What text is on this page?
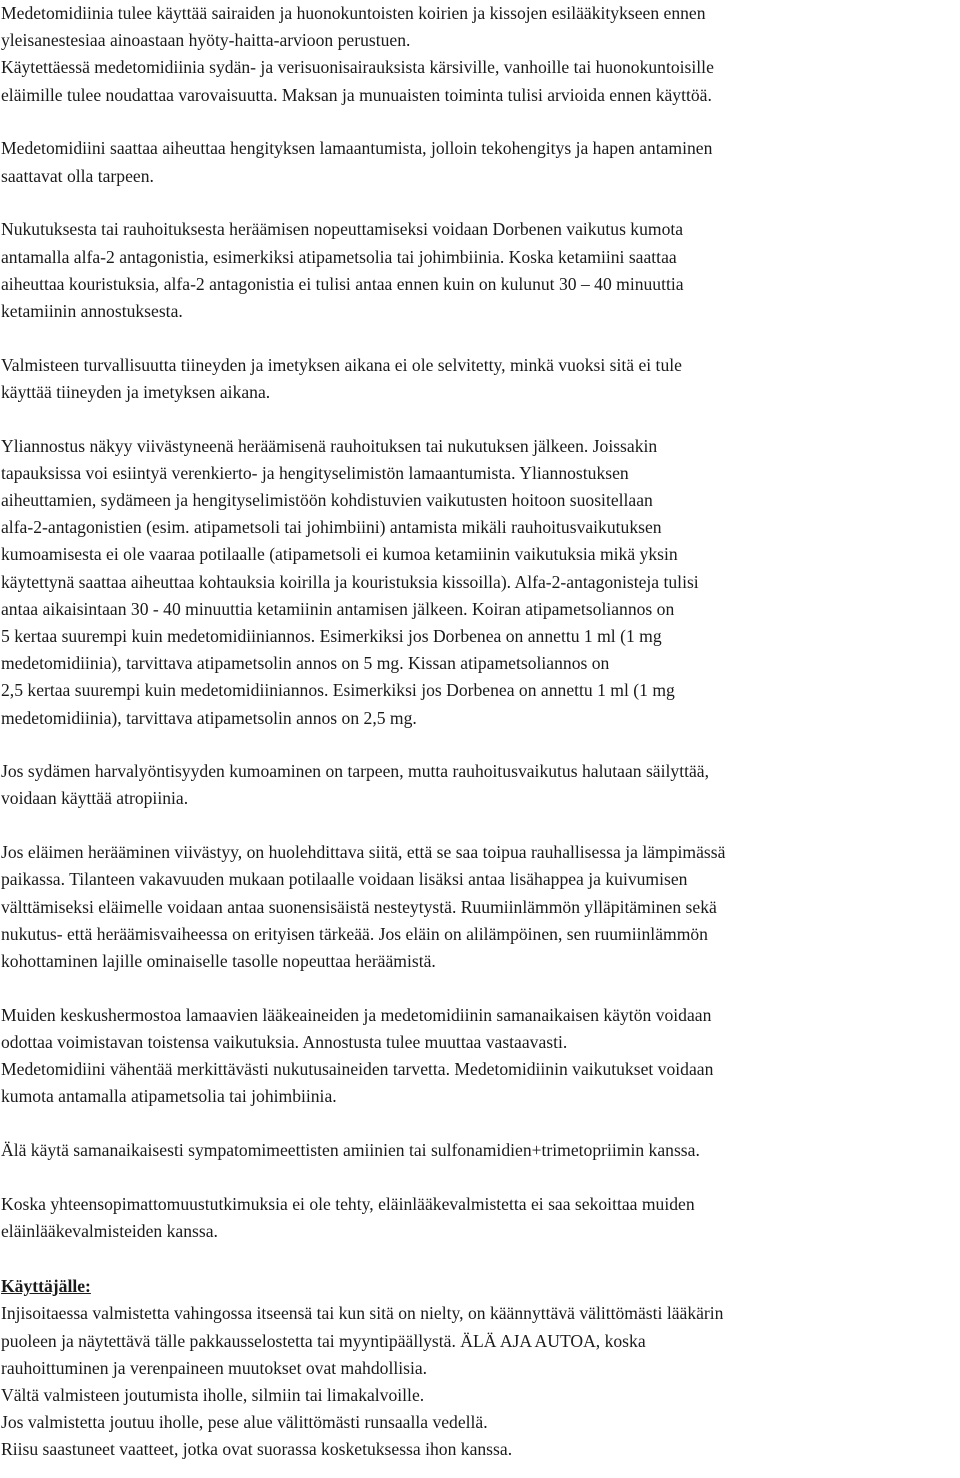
Medetomidiinia tulee käyttää sairaiden ja huonokuntoisten koirien ja kissojen esilääkitykseen ennen
yleisanestesiaa ainoastaan hyöty-haitta-arvioon perustuen.
Käytettäessä medetomidiinia sydän- ja verisuonisairauksista kärsiville, vanhoille tai huonokuntoisille
eläimille tulee noudattaa varovaisuutta. Maksan ja munuaisten toiminta tulisi arvioida ennen käyttöä.
Medetomidiini saattaa aiheuttaa hengityksen lamaantumista, jolloin tekohengitys ja hapen antaminen
saattavat olla tarpeen.
Nukutuksesta tai rauhoituksesta heräämisen nopeuttamiseksi voidaan Dorbenen vaikutus kumota
antamalla alfa-2 antagonistia, esimerkiksi atipametsolia tai johimbiinia. Koska ketamiini saattaa
aiheuttaa kouristuksia, alfa-2 antagonistia ei tulisi antaa ennen kuin on kulunut 30 – 40 minuuttia
ketamiinin annostuksesta.
Valmisteen turvallisuutta tiineyden ja imetyksen aikana ei ole selvitetty, minkä vuoksi sitä ei tule
käyttää tiineyden ja imetyksen aikana.
Yliannostus näkyy viivästyneenä heräämisenä rauhoituksen tai nukutuksen jälkeen. Joissakin
tapauksissa voi esiintyä verenkierto- ja hengityselimistön lamaantumista. Yliannostuksen
aiheuttamien, sydämeen ja hengityselimistöön kohdistuvien vaikutusten hoitoon suositellaan
alfa-2-antagonistien (esim. atipametsoli tai johimbiini) antamista mikäli rauhoitusvaikutuksen
kumoamisesta ei ole vaaraa potilaalle (atipametsoli ei kumoa ketamiinin vaikutuksia mikä yksin
käytettynä saattaa aiheuttaa kohtauksia koirilla ja kouristuksia kissoilla). Alfa-2-antagonisteja tulisi
antaa aikaisintaan 30 - 40 minuuttia ketamiinin antamisen jälkeen. Koiran atipametsoliannos on
5 kertaa suurempi kuin medetomidiiniannos. Esimerkiksi jos Dorbenea on annettu 1 ml (1 mg
medetomidiinia), tarvittava atipametsolin annos on 5 mg. Kissan atipametsoliannos on
2,5 kertaa suurempi kuin medetomidiiniannos. Esimerkiksi jos Dorbenea on annettu 1 ml (1 mg
medetomidiinia), tarvittava atipametsolin annos on 2,5 mg.
Jos sydämen harvalyöntisyyden kumoaminen on tarpeen, mutta rauhoitusvaikutus halutaan säilyttää,
voidaan käyttää atropiinia.
Jos eläimen herääminen viivästyy, on huolehdittava siitä, että se saa toipua rauhallisessa ja lämpimässä
paikassa. Tilanteen vakavuuden mukaan potilaalle voidaan lisäksi antaa lisähappea ja kuivumisen
välttämiseksi eläimelle voidaan antaa suonensisäistä nesteytystä. Ruumiinlämmön ylläpitäminen sekä
nukutus- että heräämisvaiheessa on erityisen tärkeää. Jos eläin on alilämpöinen, sen ruumiinlämmön
kohottaminen lajille ominaiselle tasolle nopeuttaa heräämistä.
Muiden keskushermostoa lamaavien lääkeaineiden ja medetomidiinin samanaikaisen käytön voidaan
odottaa voimistavan toistensa vaikutuksia. Annostusta tulee muuttaa vastaavasti.
Medetomidiini vähentää merkittävästi nukutusaineiden tarvetta. Medetomidiinin vaikutukset voidaan
kumota antamalla atipametsolia tai johimbiinia.
Älä käytä samanaikaisesti sympatomimeettisten amiinien tai sulfonamidien+trimetopriimin kanssa.
Koska yhteensopimattomuustutkimuksia ei ole tehty, eläinlääkevalmistetta ei saa sekoittaa muiden
eläinlääkevalmisteiden kanssa.
Käyttäjälle:
Injisoitaessa valmistetta vahingossa itseensä tai kun sitä on nielty, on käännyttävä välittömästi lääkärin
puoleen ja näytettävä tälle pakkausselostetta tai myyntipäällystä. ÄLÄ AJA AUTOA, koska
rauhoittuminen ja verenpaineen muutokset ovat mahdollisia.
Vältä valmisteen joutumista iholle, silmiin tai limakalvoille.
Jos valmistetta joutuu iholle, pese alue välittömästi runsaalla vedellä.
Riisu saastuneet vaatteet, jotka ovat suorassa kosketuksessa ihon kanssa.
